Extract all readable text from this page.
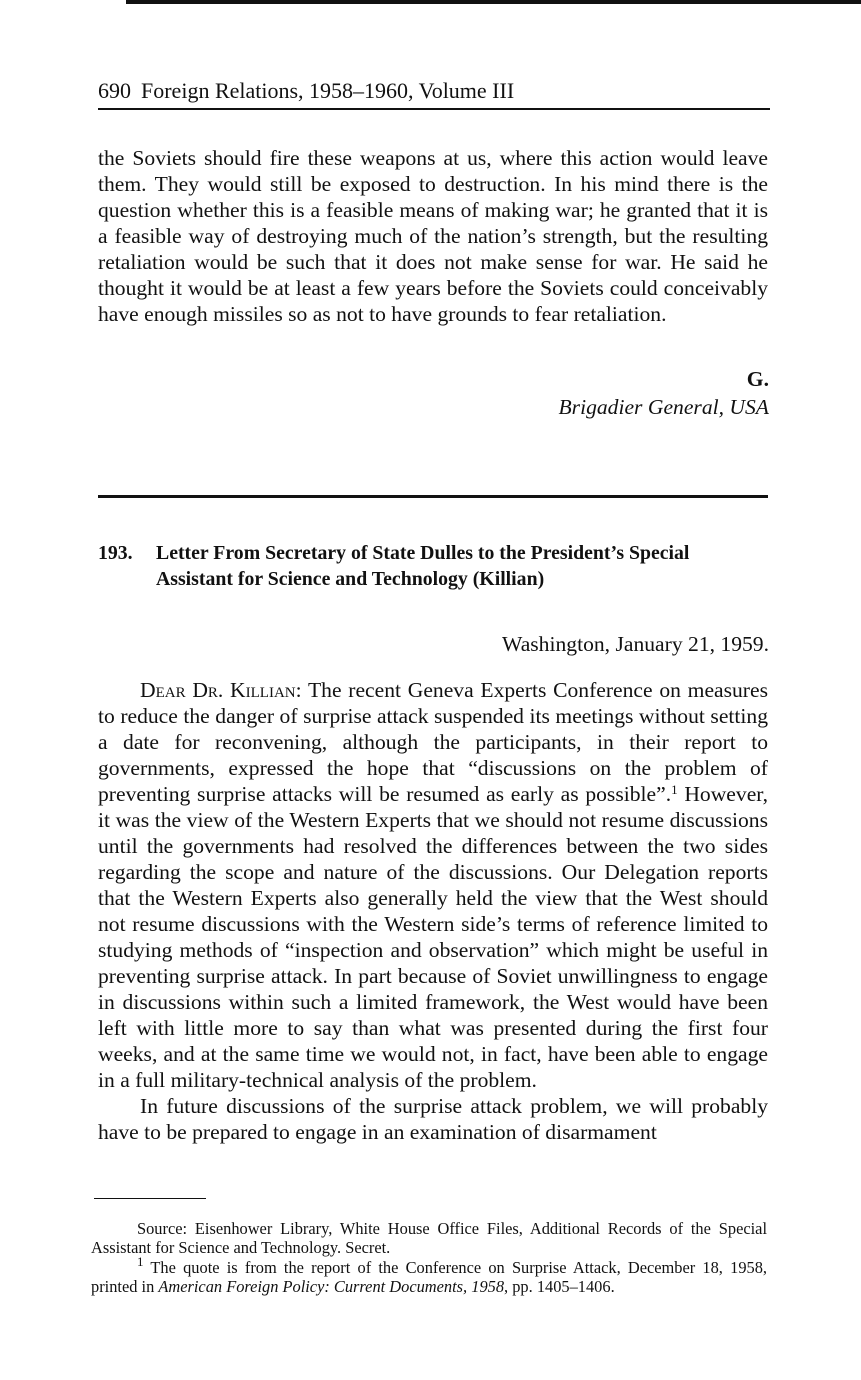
690 Foreign Relations, 1958–1960, Volume III

the Soviets should fire these weapons at us, where this action would leave them. They would still be exposed to destruction. In his mind there is the question whether this is a feasible means of making war; he granted that it is a feasible way of destroying much of the nation’s strength, but the resulting retaliation would be such that it does not make sense for war. He said he thought it would be at least a few years before the Soviets could conceivably have enough missiles so as not to have grounds to fear retaliation.

G.
Brigadier General, USA
193. Letter From Secretary of State Dulles to the President’s Special Assistant for Science and Technology (Killian)
Washington, January 21, 1959.

Dear Dr. Killian: The recent Geneva Experts Conference on measures to reduce the danger of surprise attack suspended its meetings without setting a date for reconvening, although the participants, in their report to governments, expressed the hope that “discussions on the problem of preventing surprise attacks will be resumed as early as possible”.$^1$ However, it was the view of the Western Experts that we should not resume discussions until the governments had resolved the differences between the two sides regarding the scope and nature of the discussions. Our Delegation reports that the Western Experts also generally held the view that the West should not resume discussions with the Western side’s terms of reference limited to studying methods of “inspection and observation” which might be useful in preventing surprise attack. In part because of Soviet unwillingness to engage in discussions within such a limited framework, the West would have been left with little more to say than what was presented during the first four weeks, and at the same time we would not, in fact, have been able to engage in a full military-technical analysis of the problem.

In future discussions of the surprise attack problem, we will probably have to be prepared to engage in an examination of disarmament

Source: Eisenhower Library, White House Office Files, Additional Records of the Special Assistant for Science and Technology. Secret.

$^1$ The quote is from the report of the Conference on Surprise Attack, December 18, 1958, printed in American Foreign Policy: Current Documents, 1958, pp. 1405–1406.
